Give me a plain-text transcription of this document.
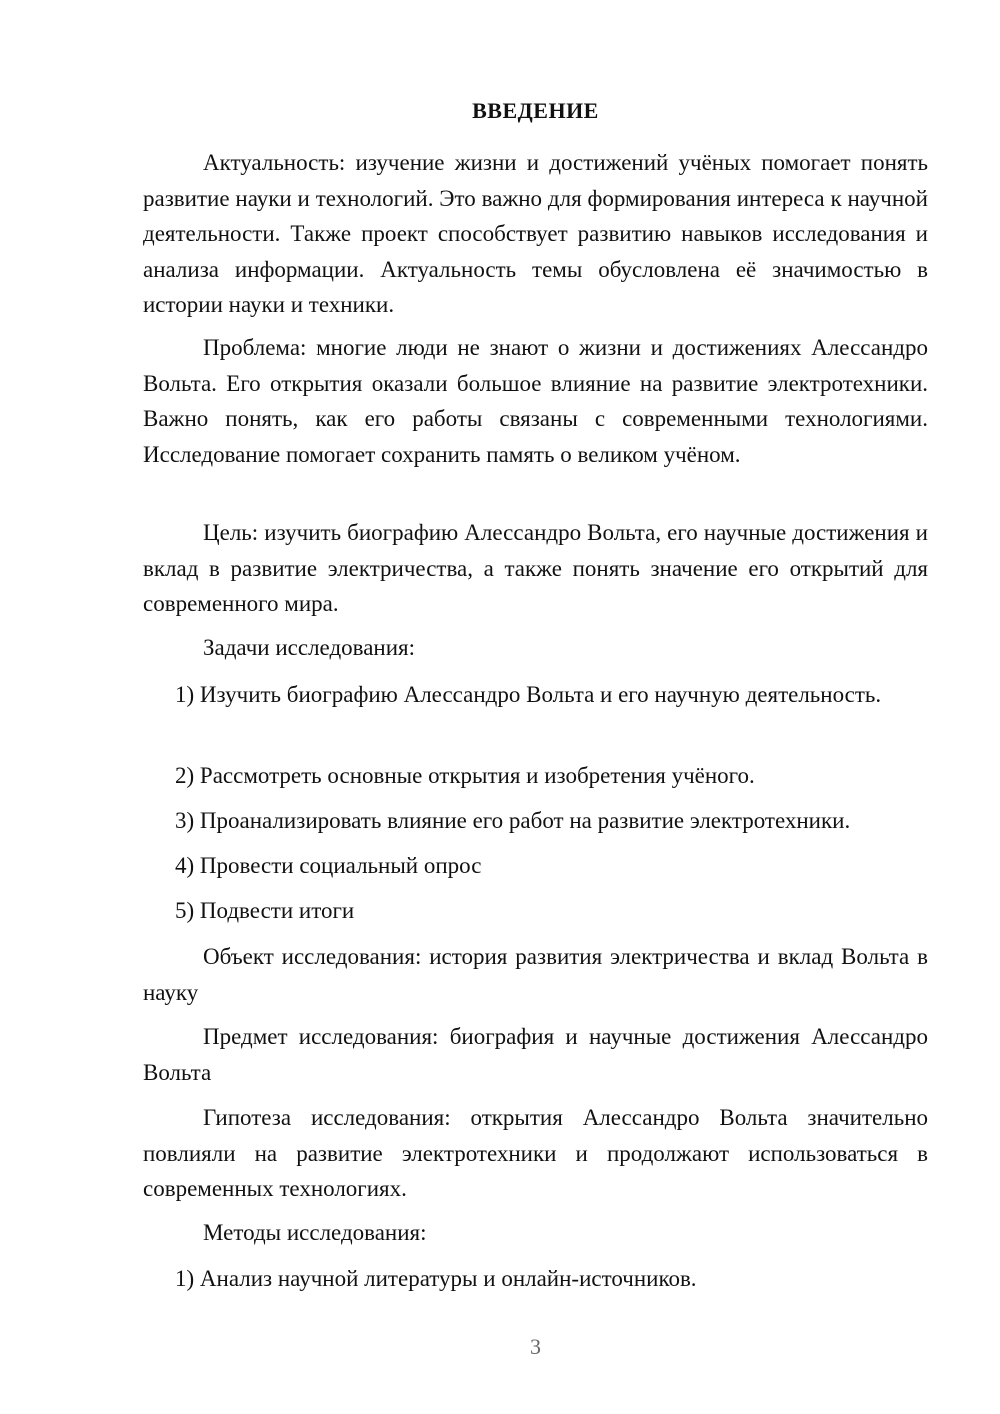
ВВЕДЕНИЕ

Актуальность: изучение жизни и достижений учёных помогает понять развитие науки и технологий. Это важно для формирования интереса к научной деятельности. Также проект способствует развитию навыков исследования и анализа информации. Актуальность темы обусловлена её значимостью в истории науки и техники.

Проблема: многие люди не знают о жизни и достижениях Алессандро Вольта. Его открытия оказали большое влияние на развитие электротехники. Важно понять, как его работы связаны с современными технологиями. Исследование помогает сохранить память о великом учёном.

Цель: изучить биографию Алессандро Вольта, его научные достижения и вклад в развитие электричества, а также понять значение его открытий для современного мира.

Задачи исследования:

1) Изучить биографию Алессандро Вольта и его научную деятельность.

2) Рассмотреть основные открытия и изобретения учёного.

3) Проанализировать влияние его работ на развитие электротехники.

4) Провести социальный опрос

5) Подвести итоги

Объект исследования: история развития электричества и вклад Вольта в науку

Предмет исследования: биография и научные достижения Алессандро Вольта

Гипотеза исследования: открытия Алессандро Вольта значительно повлияли на развитие электротехники и продолжают использоваться в современных технологиях.

Методы исследования:

1) Анализ научной литературы и онлайн-источников.

3
